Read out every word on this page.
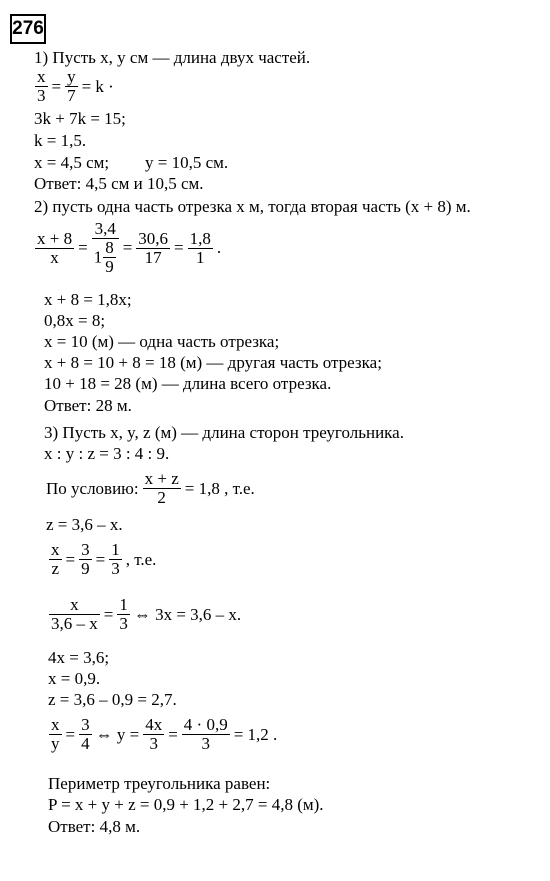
276
1) Пусть x, y см — длина двух частей.
$\frac{x}{3} = \frac{y}{7} = k$ ·
3k + 7k = 15;
k = 1,5.
x = 4,5 см; y = 10,5 см.
Ответ: 4,5 см и 10,5 см.
2) пусть одна часть отрезка x м, тогда вторая часть (x + 8) м.
$\frac{x + 8}{x} = \frac{3,4}{1 \frac{8}{9}} = \frac{30,6}{17} = \frac{1,8}{1}$ .
x + 8 = 1,8x;
0,8x = 8;
x = 10 (м) — одна часть отрезка;
x + 8 = 10 + 8 = 18 (м) — другая часть отрезка;
10 + 18 = 28 (м) — длина всего отрезка.
Ответ: 28 м.
3) Пусть x, y, z (м) — длина сторон треугольника.
x : y : z = 3 : 4 : 9.
По условию: $\frac{x + z}{2} = 1,8$ , т.е.
z = 3,6 – x.
$\frac{x}{z} = \frac{3}{9} = \frac{1}{3}$ , т.е.
$\frac{x}{3,6 - x} = \frac{1}{3}$ ⇔ 3x = 3,6 – x.
4x = 3,6;
x = 0,9.
z = 3,6 – 0,9 = 2,7.
$\frac{x}{y} = \frac{3}{4}$ ⇔ $y = \frac{4x}{3} = \frac{4 \cdot 0,9}{3} = 1,2$ .
Периметр треугольника равен:
P = x + y + z = 0,9 + 1,2 + 2,7 = 4,8 (м).
Ответ: 4,8 м.
